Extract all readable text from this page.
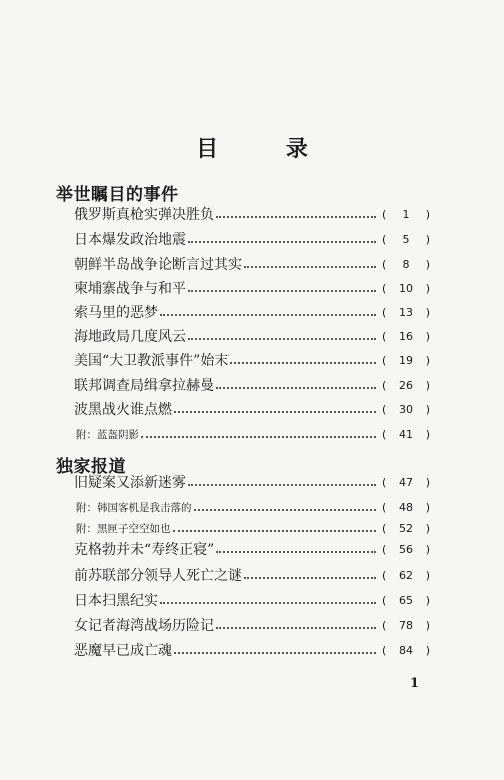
目 录
举世瞩目的事件
俄罗斯真枪实弹决胜负	(	1	)
日本爆发政治地震	(	5	)
朝鲜半岛战争论断言过其实	(	8	)
柬埔寨战争与和平	(	10	)
索马里的恶梦	(	13	)
海地政局几度风云	(	16	)
美国“大卫教派事件”始末	(	19	)
联邦调查局缉拿拉赫曼	(	26	)
波黑战火谁点燃	(	30	)
附：蓝盔阴影	(	41	)
独家报道
旧疑案又添新迷雾	(	47	)
附：韩国客机是我击落的	(	48	)
附：黑匣子空空如也	(	52	)
克格勃并未“寿终正寝”	(	56	)
前苏联部分领导人死亡之谜	(	62	)
日本扫黑纪实	(	65	)
女记者海湾战场历险记	(	78	)
恶魔早已成亡魂	(	84	)
1
